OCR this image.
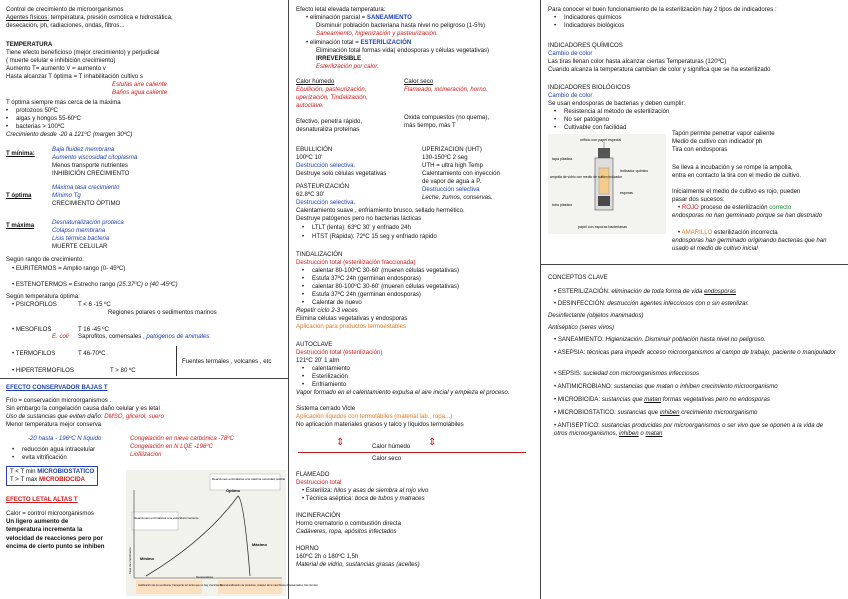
Control de crecimiento de microorganismos
Agentes físicos: temperatura, presión osmótica e hidrostática,
desecación, ph, radiaciones, ondas, filtros...
TEMPERATURA
Tiene efecto beneficioso (mejor crecimiento) y perjudicial
( muerte celular e inhibición crecimiento)
Aumento T= aumento V = aumento v
Hasta alcanzar T óptima = T inhabilitación cultivo s
Estufas aire caliente
Baños agua caliente
T óptima siempre más cerca de la máxima
• protozoos 50ºC
• algas y hongos 55-60ºC
• bacterias > 100ºC
Crecimiento desde -20 a 121ºC (margen 30ºC)
T mínima:
Baja fluidez membrana
Aumento viscosidad citoplasma
Menos transporte nutrientes
INHIBICIÓN CRECIMIENTO
T óptima
Máxima tasa crecimiento
Mínimo Tg
CRECIMIENTO ÓPTIMO
T máxima	Desnaturalización proteica
Colapso membrana
Lisis térmica bacteria
MUERTE CELULAR
Según rango de crecimiento:
• EURITERMOS = Amplio rango (0- 45ºC)
• ESTENOTERMOS = Estrecho rango (25.37ºC) o (40 -45ºC)
Según temperatura óptima:
• PSICROFILOS	T < 6 -15 ºC
Regiones polares o sedimentos marinos
• MESOFILOS	T 16 -45 ºC
E. coli Saprofitos, comensales , patógenos de animales
• TERMOFILOS	T 46-70ºC
Fuentes termales , volcanes , etc
• HIPERTERMOFILOS	T > 80 ºC
EFECTO CONSERVADOR BAJAS T
Frío = conservación microorganismos .
Sin embargo la congelación causa daño celular y es letal
Uso de sustancias que eviten daño: DMSO, glicerol, suero
Menor temperatura mejor conserva
-20 hasta - 196ºC N líquido	Congelación en nieve carbónica -78ºC
Congelación en N LQE -196ºC
Liofilizacion
• reducción agua intracelular
• evita vitrificación
T < T min MICROBIOSTATICO
T > T max MICROBIOCIDA
EFECTO LETAL ALTAS T
Calor = control microorganismos
Un ligero aumento de
temperatura incrementa la
velocidad de reacciones pero por
encima de cierto punto se inhiben
Reacciones enzimáticas a la máxima velocidad posible
Reacciones enzimáticas a la velocidad creciente
Óptimo
Máximo
Mínimo
Tasa de crecimiento
Temperatura
Gelificación de la membrana; transporte tan lento que no hay crecimiento
Desnaturalización de proteínas; colapso de la membrana citoplasmática; lisis térmica
Efecto letal elevada temperatura:
• eliminación parcial = SANEAMIENTO
Disminuir población bacteriana hasta nivel no peligroso (1-5%)
Saneamiento, higienización y pasteurización.
• eliminación total = ESTERILIZACIÓN
Eliminación total formas vida( endosporas y células vegetativas)
IRREVERSIBLE
Esterilización por calor.
Calor húmedo
Ebullición, pasteurización, uperización, Tindalización, autoclave.
Efectivo, penetra rápido, desnaturaliza proteínas
Calor seco
Flameado, incineración, horno.
Oxida compuestos (no quema), más tiempo, más T
EBULLICIÓN
100ºC 10'
Destrucción selectiva.
Destruye solo células vegetativas
UPERIZACION (UHT)
130-150ºC 2 seg
UTH = ultra high Temp
Calentamiento con inyección
de vapor de agua a P.
Destrucción selectiva
Leche, zumos, conservas.
PASTEURIZACIÓN
62.8ºC 30'
Destrucción selectiva.
Calentamiento suave , enfriamiento brusco, sellado hermético.
Destruye patógenos pero no bacterias lácticas
• LTLT (lenta): 63ºC 30' y enfriado 24h
• HTST (Rápida): 72ºC 15 seg y enfriado rápido
TINDALIZACIÓN
Destrucción total (esterilización fraccionada)
• calentar 80-100ºC 30-60' (mueren células vegetativas)
• Estufa 37ºC 24h (germinan endosporas)
• calentar 80-100ºC 30-60' (mueren células vegetativas)
• Estufa 37ºC 24h (germinan endosporas)
• Calentar de nuevo
Repetir ciclo 2-3 veces
Elimina células vegetativas y endosporas
Aplicación para productos termoestables
AUTOCLAVE
Destrucción total (esterilización)
121ºC 20' 1 atm
• calentamiento
• Esterilización
• Enfriamiento
Vapor formado en el calentamiento expulsa el aire inicial y empieza el proceso.
Sistema cerrado Vicle
Aplicación líquidos con termolábiles (material lab., ropa...)
No aplicación materiales grasos y talco y líquidos termolábiles
⇕	⇕
Calor húmedo
Calor seco
FLAMEADO
Destrucción total
• Esteriliza: hilos y asas de siembra al rojo vivo
• Técnica aséptica: boca de tubos y matraces
INCINERACIÓN
Horno crematorio o combustión directa
Cadáveres, ropa, apósitos infectados
HORNO
160ºC 2h o 180ºC 1,5h
Material de vidrio, sustancias grasas (aceites)
Para conocer el buen funcionamiento de la esterilización hay 2 tipos de indicadores :
• Indicadores químicos
• Indicadores biológicos
INDICADORES QUÍMICOS
Cambio de color
Las tiras llenan color hasta alcanzar ciertas Temperaturas (120ºC)
Cuando alcanza la temperatura cambian de color y significa que se ha esterilizado
INDICADORES BIOLÓGICOS
Cambio de color
Se usan endosporas de bacterias y deben cumplir:
• Resistencia al método de esterilización
• No ser patógeno
• Cultivable con facilidad
orificio con papel especial
tapa plástica
ampolla de vidrio con medio de cultivo indicador
tubo plástico
indicador químico
esporas
papel con esporas bacterianas
Tapón permite penetrar vapor caliente
Medio de cultivo con indicador ph
Tira con endosporas
Se lleva a incubación y se rompe la ampolla,
entra en contacto la tira con el medio de cultivo.
Inicialmente el medio de cultivo es rojo, pueden
pasar dos sucesos:
• ROJO proceso de esterilización correcto
endosporas no han germinado porque se han destruido
• AMARILLO esterilización incorrecta
endosporas han germinado originando bacterias que han usado el medio de cultivo inicial
CONCEPTOS CLAVE
• ESTERILIZACIÓN: eliminación de toda forma de vida endosporas
• DESINFECCIÓN: destrucción agentes infecciosos con o sin esterilizar.
Desinfectante (objetos inanimados)
Antiséptico (seres vivos)
• SANEAMIENTO: Higienización. Disminuir población hasta nivel no peligroso.
• ASEPSIA: técnicas para impedir acceso microorganismos al campo de trabajo, paciente o manipulador
• SEPSIS: suciedad con microorganismos infecciosos
• ANTIMICROBIANO: sustancias que matan o inhiben crecimiento microorganismo
• MICROBICIDA: sustancias que matan formas vegetativas pero no endosporas
• MICROBIOSTATICO: sustancias que inhiben crecimiento microorganismo
• ANTISEPTICO: sustancias producidas por microorganismos o ser vivo que se oponen a la vida de otros microorganismos, inhiben o matan
